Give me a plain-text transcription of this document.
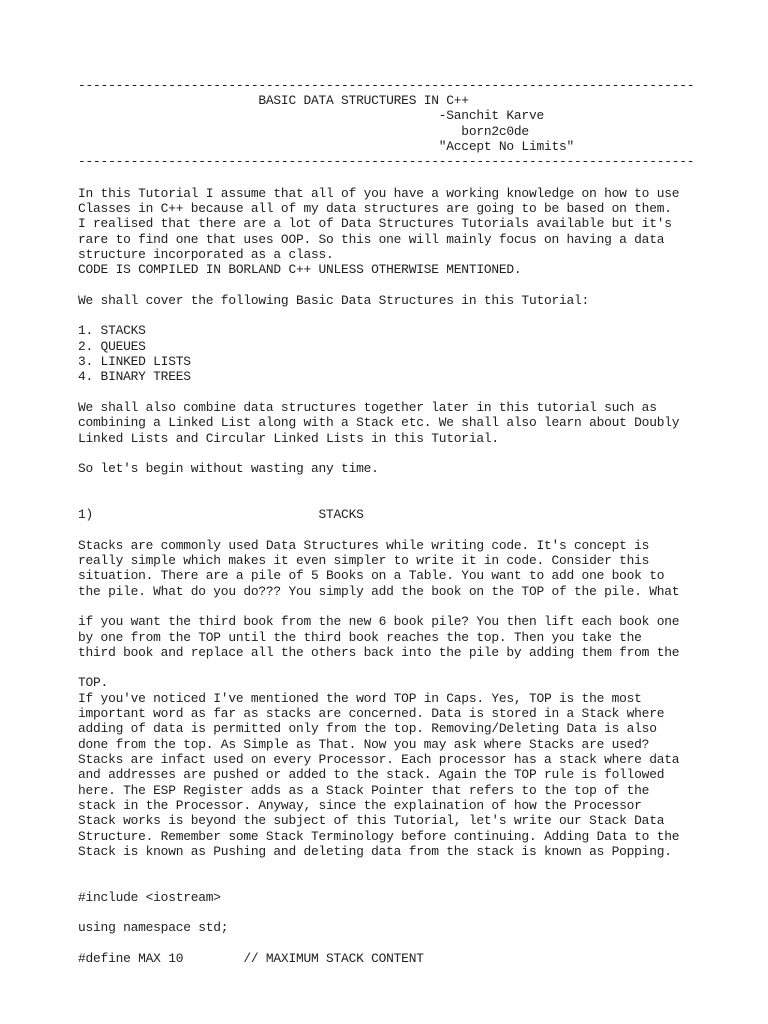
----------------------------------------------------------------------------------

BASIC DATA STRUCTURES IN C++

-Sanchit Karve

born2c0de

"Accept No Limits"

----------------------------------------------------------------------------------

In this Tutorial I assume that all of you have a working knowledge on how to use

Classes in C++ because all of my data structures are going to be based on them.

I realised that there are a lot of Data Structures Tutorials available but it's

rare to find one that uses OOP. So this one will mainly focus on having a data

structure incorporated as a class.

CODE IS COMPILED IN BORLAND C++ UNLESS OTHERWISE MENTIONED.

We shall cover the following Basic Data Structures in this Tutorial:

1. STACKS

2. QUEUES

3. LINKED LISTS

4. BINARY TREES

We shall also combine data structures together later in this tutorial such as

combining a Linked List along with a Stack etc. We shall also learn about Doubly

Linked Lists and Circular Linked Lists in this Tutorial.

So let's begin without wasting any time.

1)                              STACKS

Stacks are commonly used Data Structures while writing code. It's concept is

really simple which makes it even simpler to write it in code. Consider this

situation. There are a pile of 5 Books on a Table. You want to add one book to

the pile. What do you do??? You simply add the book on the TOP of the pile. What

if you want the third book from the new 6 book pile? You then lift each book one

by one from the TOP until the third book reaches the top. Then you take the

third book and replace all the others back into the pile by adding them from the

TOP.

If you've noticed I've mentioned the word TOP in Caps. Yes, TOP is the most

important word as far as stacks are concerned. Data is stored in a Stack where

adding of data is permitted only from the top. Removing/Deleting Data is also

done from the top. As Simple as That. Now you may ask where Stacks are used?

Stacks are infact used on every Processor. Each processor has a stack where data

and addresses are pushed or added to the stack. Again the TOP rule is followed

here. The ESP Register adds as a Stack Pointer that refers to the top of the

stack in the Processor. Anyway, since the explaination of how the Processor

Stack works is beyond the subject of this Tutorial, let's write our Stack Data

Structure. Remember some Stack Terminology before continuing. Adding Data to the

Stack is known as Pushing and deleting data from the stack is known as Popping.

#include <iostream>

using namespace std;

#define MAX 10        // MAXIMUM STACK CONTENT
